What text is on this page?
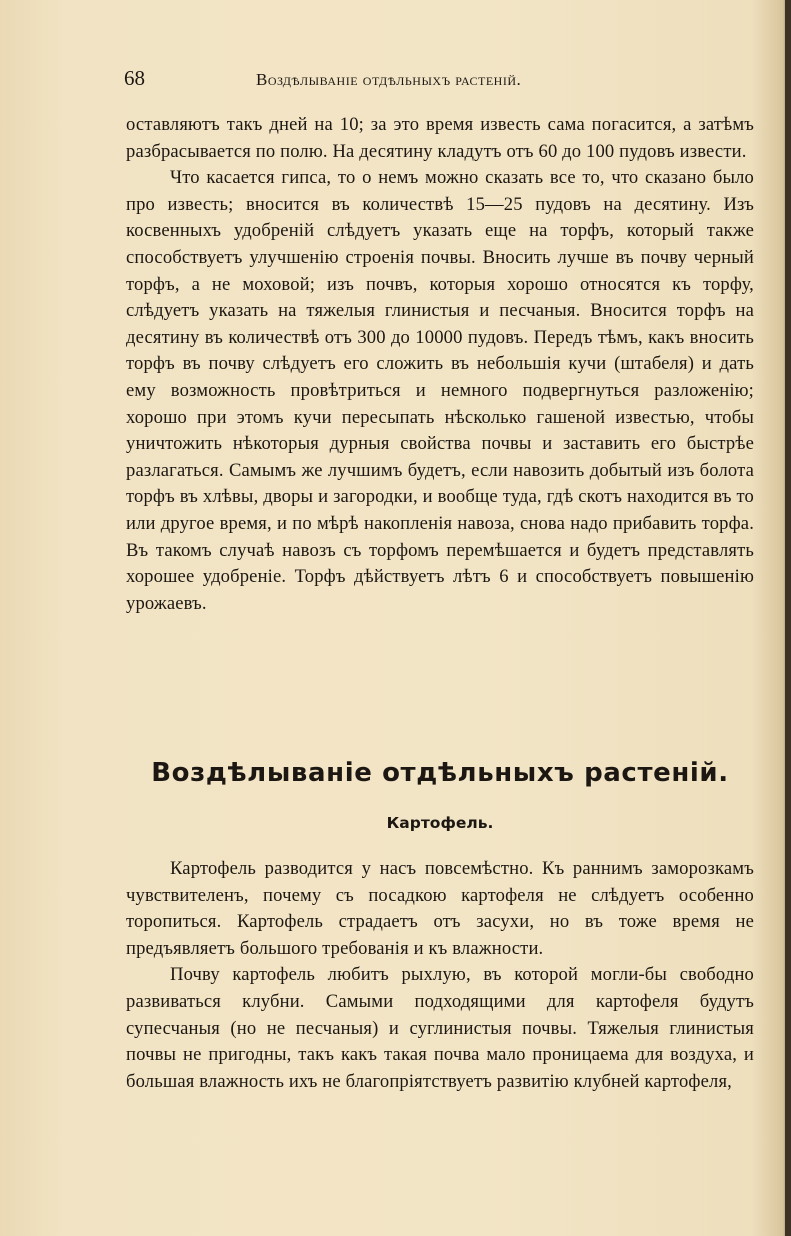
68	Воздѣлываніе отдѣльныхъ растеній.

оставляютъ такъ дней на 10; за это время известь сама погасится, а затѣмъ разбрасывается по полю. На десятину кладутъ отъ 60 до 100 пудовъ извести.

Что касается гипса, то о немъ можно сказать все то, что сказано было про известь; вносится въ количествѣ 15—25 пудовъ на десятину. Изъ косвенныхъ удобреній слѣдуетъ указать еще на торфъ, который также способствуетъ улучшенію строенія почвы. Вносить лучше въ почву черный торфъ, а не моховой; изъ почвъ, которыя хорошо относятся къ торфу, слѣдуетъ указать на тяжелыя глинистыя и песчаныя. Вносится торфъ на десятину въ количествѣ отъ 300 до 10000 пудовъ. Передъ тѣмъ, какъ вносить торфъ въ почву слѣдуетъ его сложить въ небольшія кучи (штабеля) и дать ему возможность провѣтриться и немного подвергнуться разложенію; хорошо при этомъ кучи пересыпать нѣсколько гашеной известью, чтобы уничтожить нѣкоторыя дурныя свойства почвы и заставить его быстрѣе разлагаться. Самымъ же лучшимъ будетъ, если навозить добытый изъ болота торфъ въ хлѣвы, дворы и загородки, и вообще туда, гдѣ скотъ находится въ то или другое время, и по мѣрѣ накопленія навоза, снова надо прибавить торфа. Въ такомъ случаѣ навозъ съ торфомъ перемѣшается и будетъ представлять хорошее удобреніе. Торфъ дѣйствуетъ лѣтъ 6 и способствуетъ повышенію урожаевъ.

Воздѣлываніе отдѣльныхъ растеній.
Картофель.

Картофель разводится у насъ повсемѣстно. Къ раннимъ заморозкамъ чувствителенъ, почему съ посадкою картофеля не слѣдуетъ особенно торопиться. Картофель страдаетъ отъ засухи, но въ тоже время не предъявляетъ большого требованія и къ влажности.

Почву картофель любитъ рыхлую, въ которой могли-бы свободно развиваться клубни. Самыми подходящими для картофеля будутъ супесчаныя (но не песчаныя) и суглинистыя почвы. Тяжелыя глинистыя почвы не пригодны, такъ какъ такая почва мало проницаема для воздуха, и большая влажность ихъ не благопріятствуетъ развитію клубней картофеля,
